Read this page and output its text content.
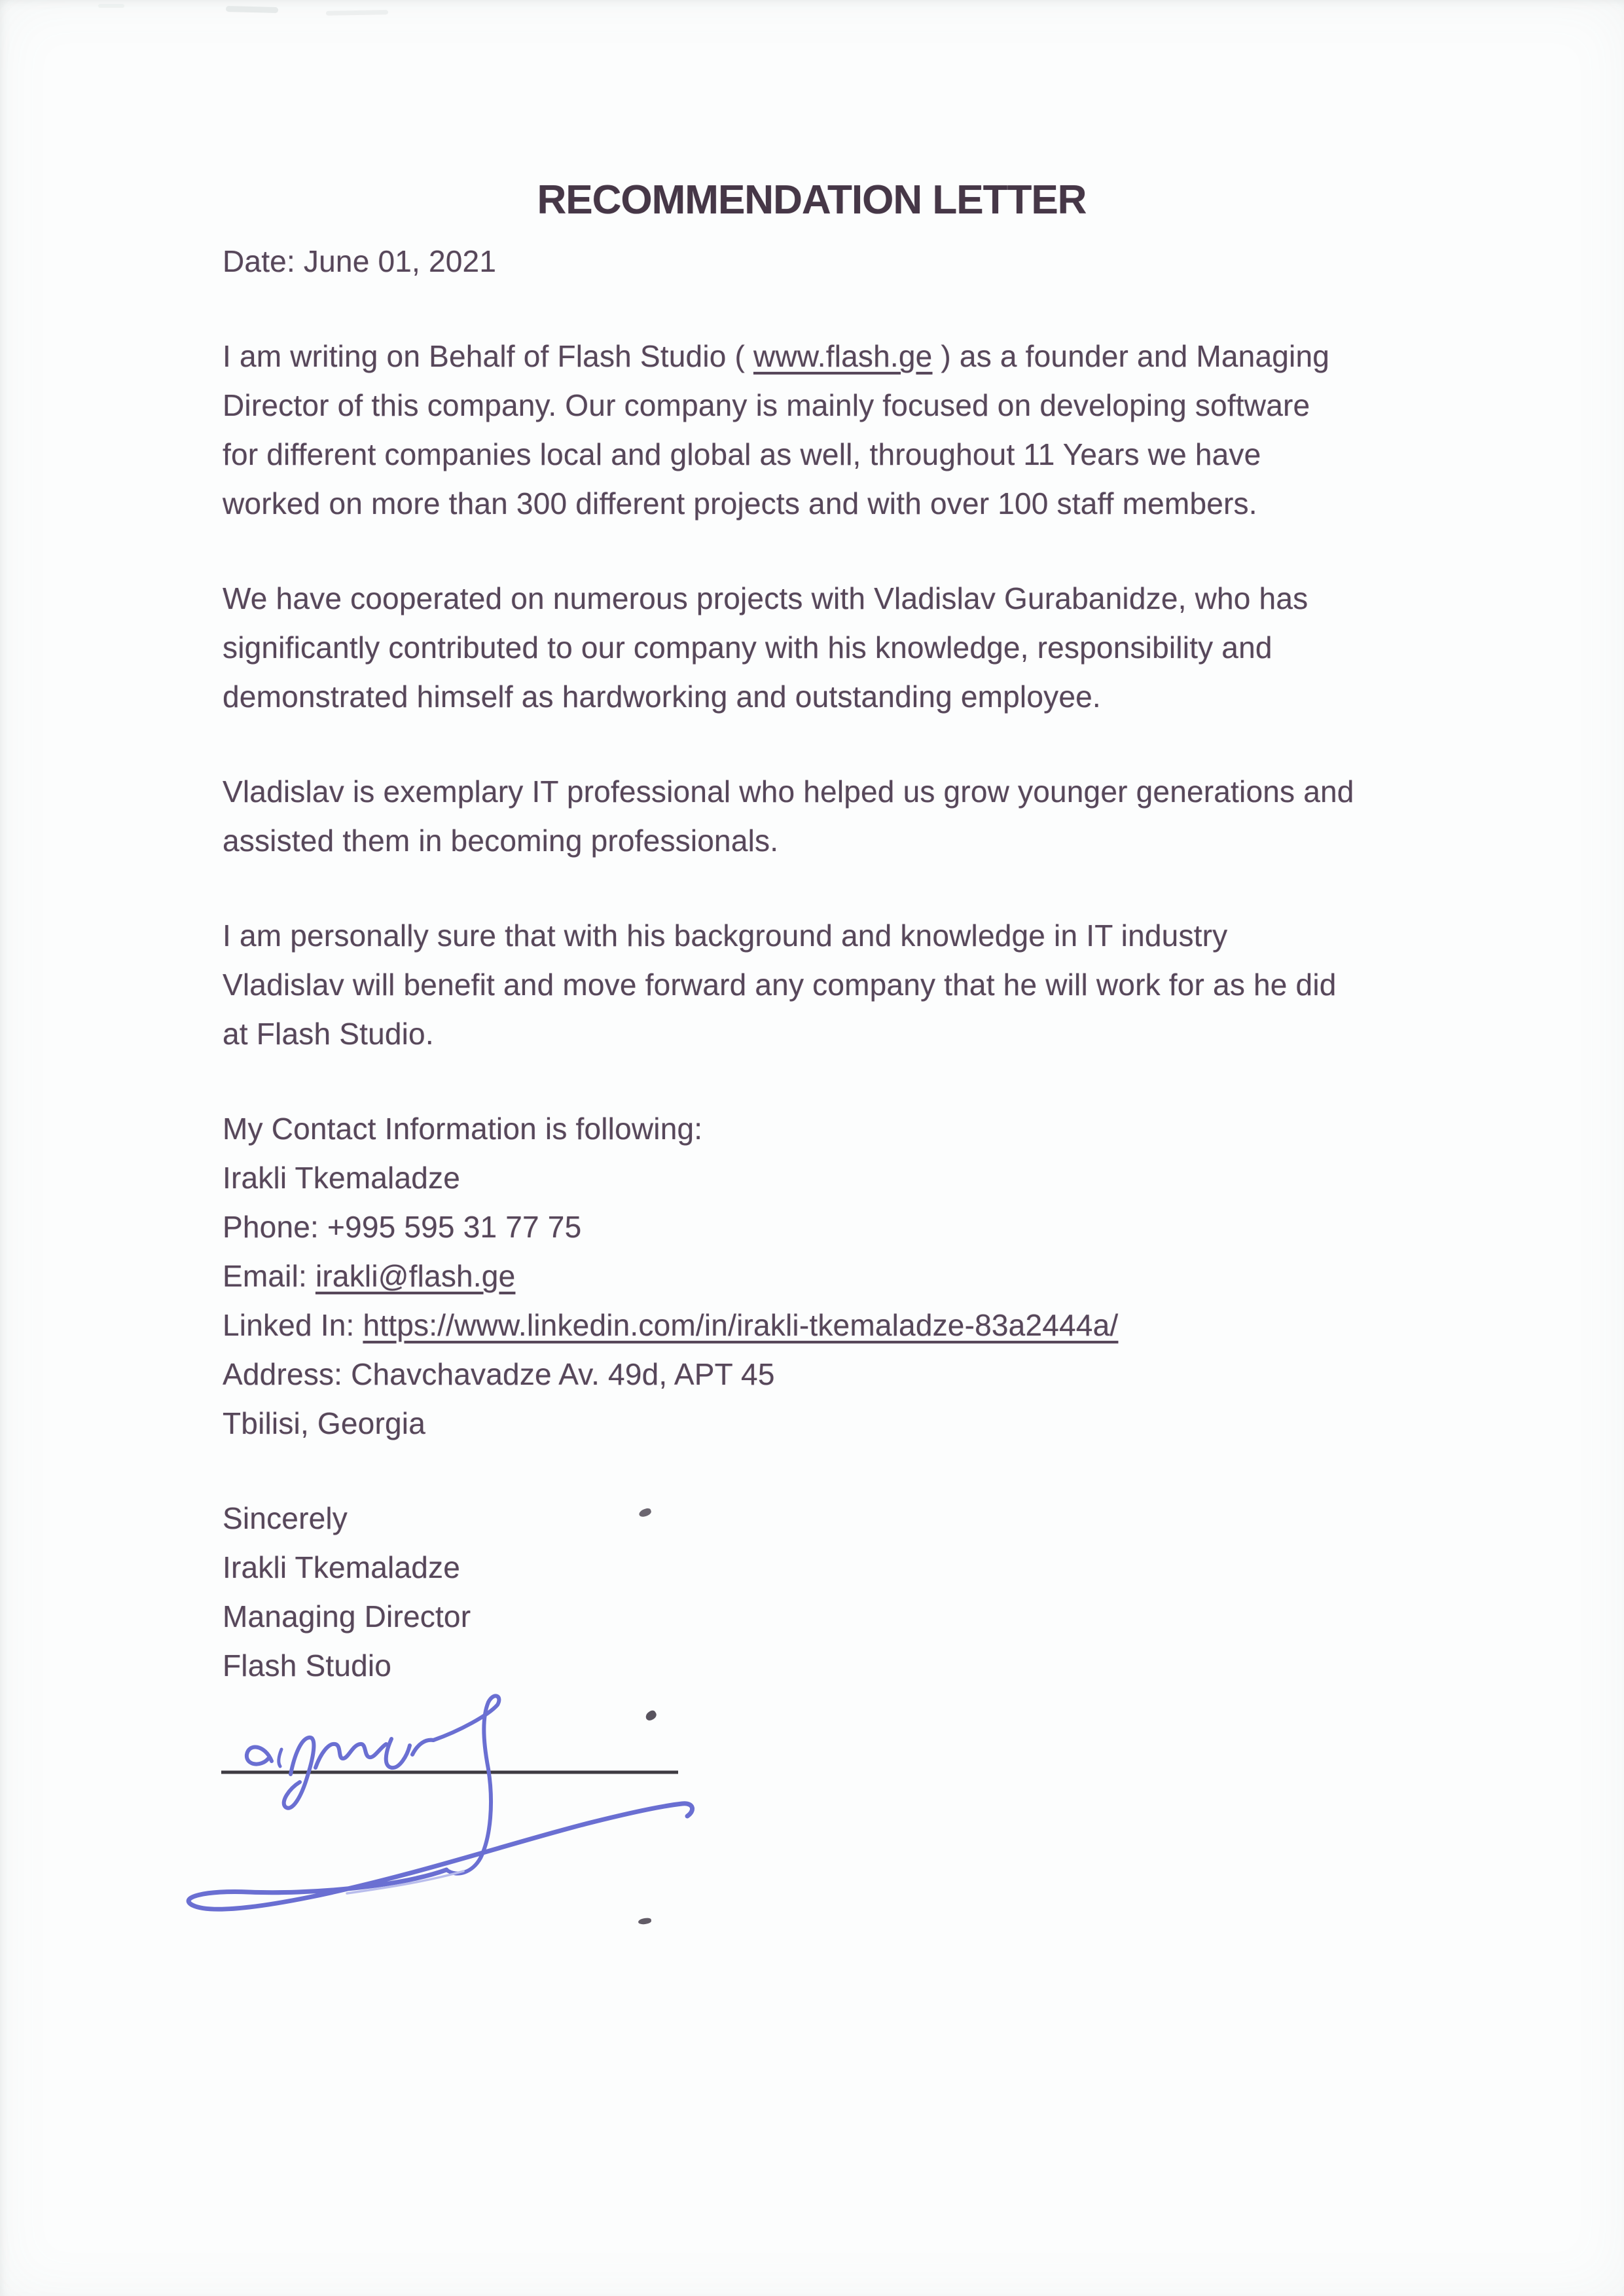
RECOMMENDATION LETTER
Date: June 01, 2021
I am writing on Behalf of Flash Studio ( www.flash.ge ) as a founder and Managing
Director of this company. Our company is mainly focused on developing software
for different companies local and global as well, throughout 11 Years we have
worked on more than 300 different projects and with over 100 staff members.
We have cooperated on numerous projects with Vladislav Gurabanidze, who has
significantly contributed to our company with his knowledge, responsibility and
demonstrated himself as hardworking and outstanding employee.
Vladislav is exemplary IT professional who helped us grow younger generations and
assisted them in becoming professionals.
I am personally sure that with his background and knowledge in IT industry
Vladislav will benefit and move forward any company that he will work for as he did
at Flash Studio.
My Contact Information is following:
Irakli Tkemaladze
Phone: +995 595 31 77 75
Email: irakli@flash.ge
Linked In: https://www.linkedin.com/in/irakli-tkemaladze-83a2444a/
Address: Chavchavadze Av. 49d, APT 45
Tbilisi, Georgia
Sincerely
Irakli Tkemaladze
Managing Director
Flash Studio
